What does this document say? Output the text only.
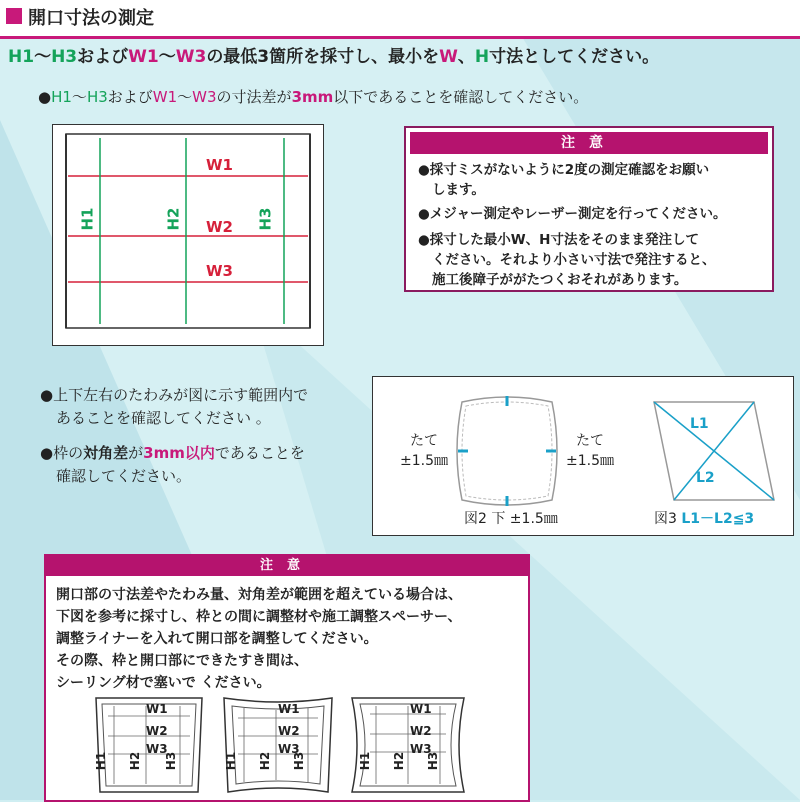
開口寸法の測定
H1〜H3およびW1〜W3の最低3箇所を採寸し、最小をW、H寸法としてください。
●H1〜H3およびW1〜W3の寸法差が3mm以下であることを確認してください。
W1
W2
W3
H1	H2	H3
注意
●採寸ミスがないように2度の測定確認をお願い
します。
●メジャー測定やレーザー測定を行ってください。
●採寸した最小W、H寸法をそのまま発注して
ください。それより小さい寸法で発注すると、
施工後障子ががたつくおそれがあります。
●上下左右のたわみが図に示す範囲内で
あることを確認してください 。
●枠の対角差が3mm以内であることを
確認してください。
たて
±1.5㎜
たて
±1.5㎜
図2 下 ±1.5㎜
L1
L2
図3 L1－L2≦3
注意
開口部の寸法差やたわみ量、対角差が範囲を超えている場合は、
下図を参考に採寸し、枠との間に調整材や施工調整スペーサー、
調整ライナーを入れて開口部を調整してください。
その際、枠と開口部にできたすき間は、
シーリング材で塞いで ください。
W1
W2
W3
H1 H2 H3
W1
W2
W3
H1 H2 H3
W1
W2
W3
H1 H2 H3
